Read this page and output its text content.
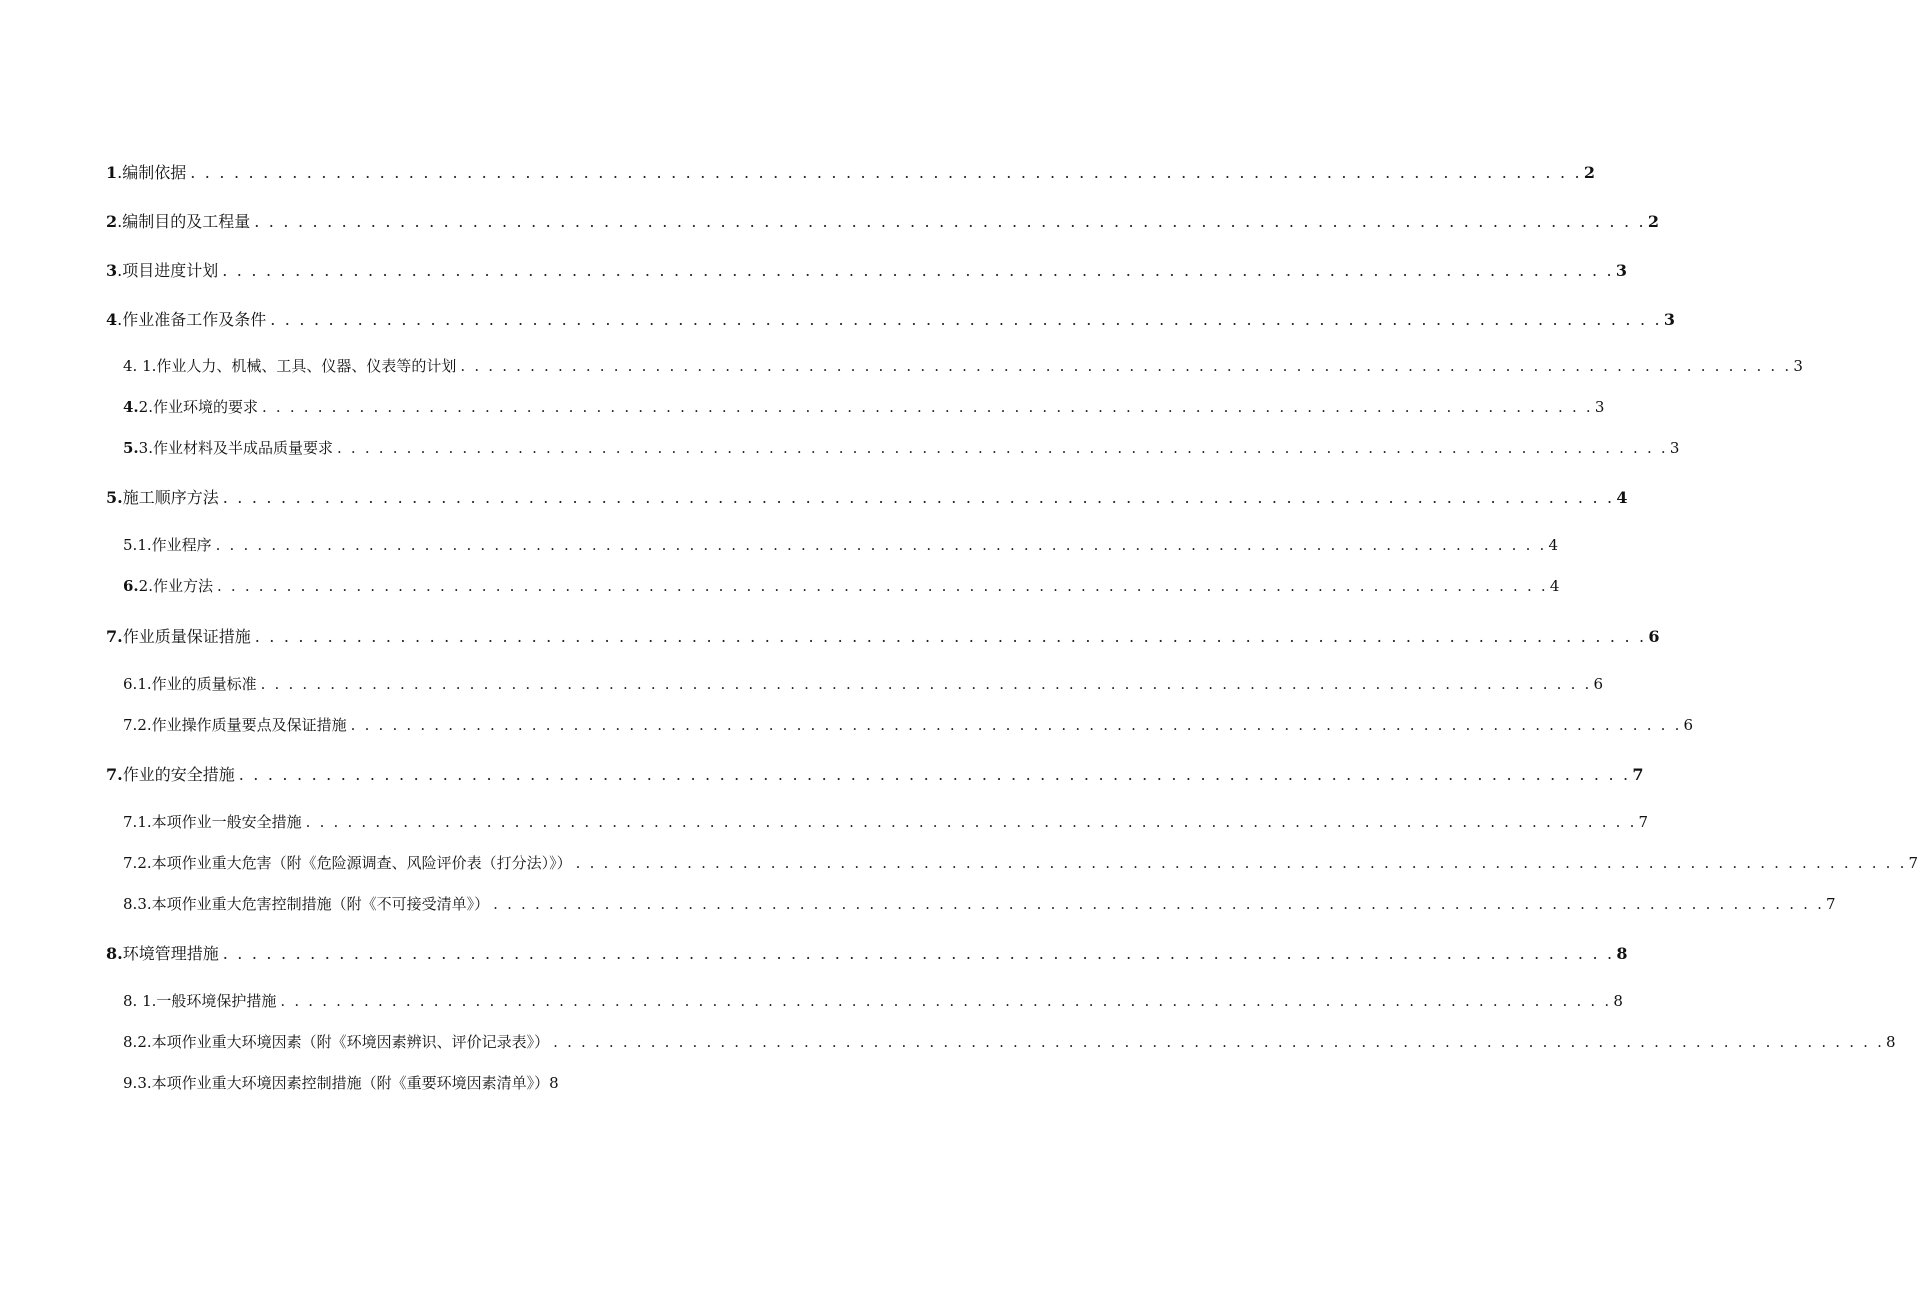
1 .编制依据 . . . . . . . . . . . . . . . . . . . . . . . . . . . . . . . . . . . . . . . . . . . . . . . . . . . . . . . . . . . . . . . . . . . . . . . . . . . . . . . . . . . . . . . . . . . . . . . . 2
2 .编制目的及工程量 . . . . . . . . . . . . . . . . . . . . . . . . . . . . . . . . . . . . . . . . . . . . . . . . . . . . . . . . . . . . . . . . . . . . . . . . . . . . . . . . . . . . . . . . . . . . . . . . 2
3 .项目进度计划 . . . . . . . . . . . . . . . . . . . . . . . . . . . . . . . . . . . . . . . . . . . . . . . . . . . . . . . . . . . . . . . . . . . . . . . . . . . . . . . . . . . . . . . . . . . . . . . . 3
4 .作业准备工作及条件 . . . . . . . . . . . . . . . . . . . . . . . . . . . . . . . . . . . . . . . . . . . . . . . . . . . . . . . . . . . . . . . . . . . . . . . . . . . . . . . . . . . . . . . . . . . . . . . . 3
4. 1. 作业人力、机械、工具、仪器、仪表等的计划 . . . . . . . . . . . . . . . . . . . . . . . . . . . . . . . . . . . . . . . . . . . . . . . . . . . . . . . . . . . . . . . . . . . . . . . . . . . . . . . . . . . . . . . . . . . . . . . . 3
4. 2.作业环境的要求 . . . . . . . . . . . . . . . . . . . . . . . . . . . . . . . . . . . . . . . . . . . . . . . . . . . . . . . . . . . . . . . . . . . . . . . . . . . . . . . . . . . . . . . . . . . . . . . . 3
5. 3.作业材料及半成品质量要求 . . . . . . . . . . . . . . . . . . . . . . . . . . . . . . . . . . . . . . . . . . . . . . . . . . . . . . . . . . . . . . . . . . . . . . . . . . . . . . . . . . . . . . . . . . . . . . . . 3
5. 施工顺序方法 . . . . . . . . . . . . . . . . . . . . . . . . . . . . . . . . . . . . . . . . . . . . . . . . . . . . . . . . . . . . . . . . . . . . . . . . . . . . . . . . . . . . . . . . . . . . . . . . 4
5. 1.作业程序 . . . . . . . . . . . . . . . . . . . . . . . . . . . . . . . . . . . . . . . . . . . . . . . . . . . . . . . . . . . . . . . . . . . . . . . . . . . . . . . . . . . . . . . . . . . . . . . . 4
6. 2.作业方法 . . . . . . . . . . . . . . . . . . . . . . . . . . . . . . . . . . . . . . . . . . . . . . . . . . . . . . . . . . . . . . . . . . . . . . . . . . . . . . . . . . . . . . . . . . . . . . . . 4
7. 作业质量保证措施 . . . . . . . . . . . . . . . . . . . . . . . . . . . . . . . . . . . . . . . . . . . . . . . . . . . . . . . . . . . . . . . . . . . . . . . . . . . . . . . . . . . . . . . . . . . . . . . . 6
6. 1.作业的质量标准 . . . . . . . . . . . . . . . . . . . . . . . . . . . . . . . . . . . . . . . . . . . . . . . . . . . . . . . . . . . . . . . . . . . . . . . . . . . . . . . . . . . . . . . . . . . . . . . . 6
7. 2.作业操作质量要点及保证措施 . . . . . . . . . . . . . . . . . . . . . . . . . . . . . . . . . . . . . . . . . . . . . . . . . . . . . . . . . . . . . . . . . . . . . . . . . . . . . . . . . . . . . . . . . . . . . . . . 6
7. 作业的安全措施 . . . . . . . . . . . . . . . . . . . . . . . . . . . . . . . . . . . . . . . . . . . . . . . . . . . . . . . . . . . . . . . . . . . . . . . . . . . . . . . . . . . . . . . . . . . . . . . . 7
7. 1.本项作业一般安全措施 . . . . . . . . . . . . . . . . . . . . . . . . . . . . . . . . . . . . . . . . . . . . . . . . . . . . . . . . . . . . . . . . . . . . . . . . . . . . . . . . . . . . . . . . . . . . . . . . 7
7. 2.本项作业重大危害（附《危险源调查、风险评价表（打分法）》） . . . . . . . . . . . . . . . . . . . . . . . . . . . . . . . . . . . . . . . . . . . . . . . . . . . . . . . . . . . . . . . . . . . . . . . . . . . . . . . . . . . . . . . . . . . . . . . . 7
8. 3.本项作业重大危害控制措施（附《不可接受清单》） . . . . . . . . . . . . . . . . . . . . . . . . . . . . . . . . . . . . . . . . . . . . . . . . . . . . . . . . . . . . . . . . . . . . . . . . . . . . . . . . . . . . . . . . . . . . . . . . 7
8. 环境管理措施 . . . . . . . . . . . . . . . . . . . . . . . . . . . . . . . . . . . . . . . . . . . . . . . . . . . . . . . . . . . . . . . . . . . . . . . . . . . . . . . . . . . . . . . . . . . . . . . . 8
8. 1. 一般环境保护措施 . . . . . . . . . . . . . . . . . . . . . . . . . . . . . . . . . . . . . . . . . . . . . . . . . . . . . . . . . . . . . . . . . . . . . . . . . . . . . . . . . . . . . . . . . . . . . . . . 8
8. 2.本项作业重大环境因素（附《环境因素辨识、评价记录表》） . . . . . . . . . . . . . . . . . . . . . . . . . . . . . . . . . . . . . . . . . . . . . . . . . . . . . . . . . . . . . . . . . . . . . . . . . . . . . . . . . . . . . . . . . . . . . . . . 8
9. 3.本项作业重大环境因素控制措施（附《重要环境因素清单》）8
